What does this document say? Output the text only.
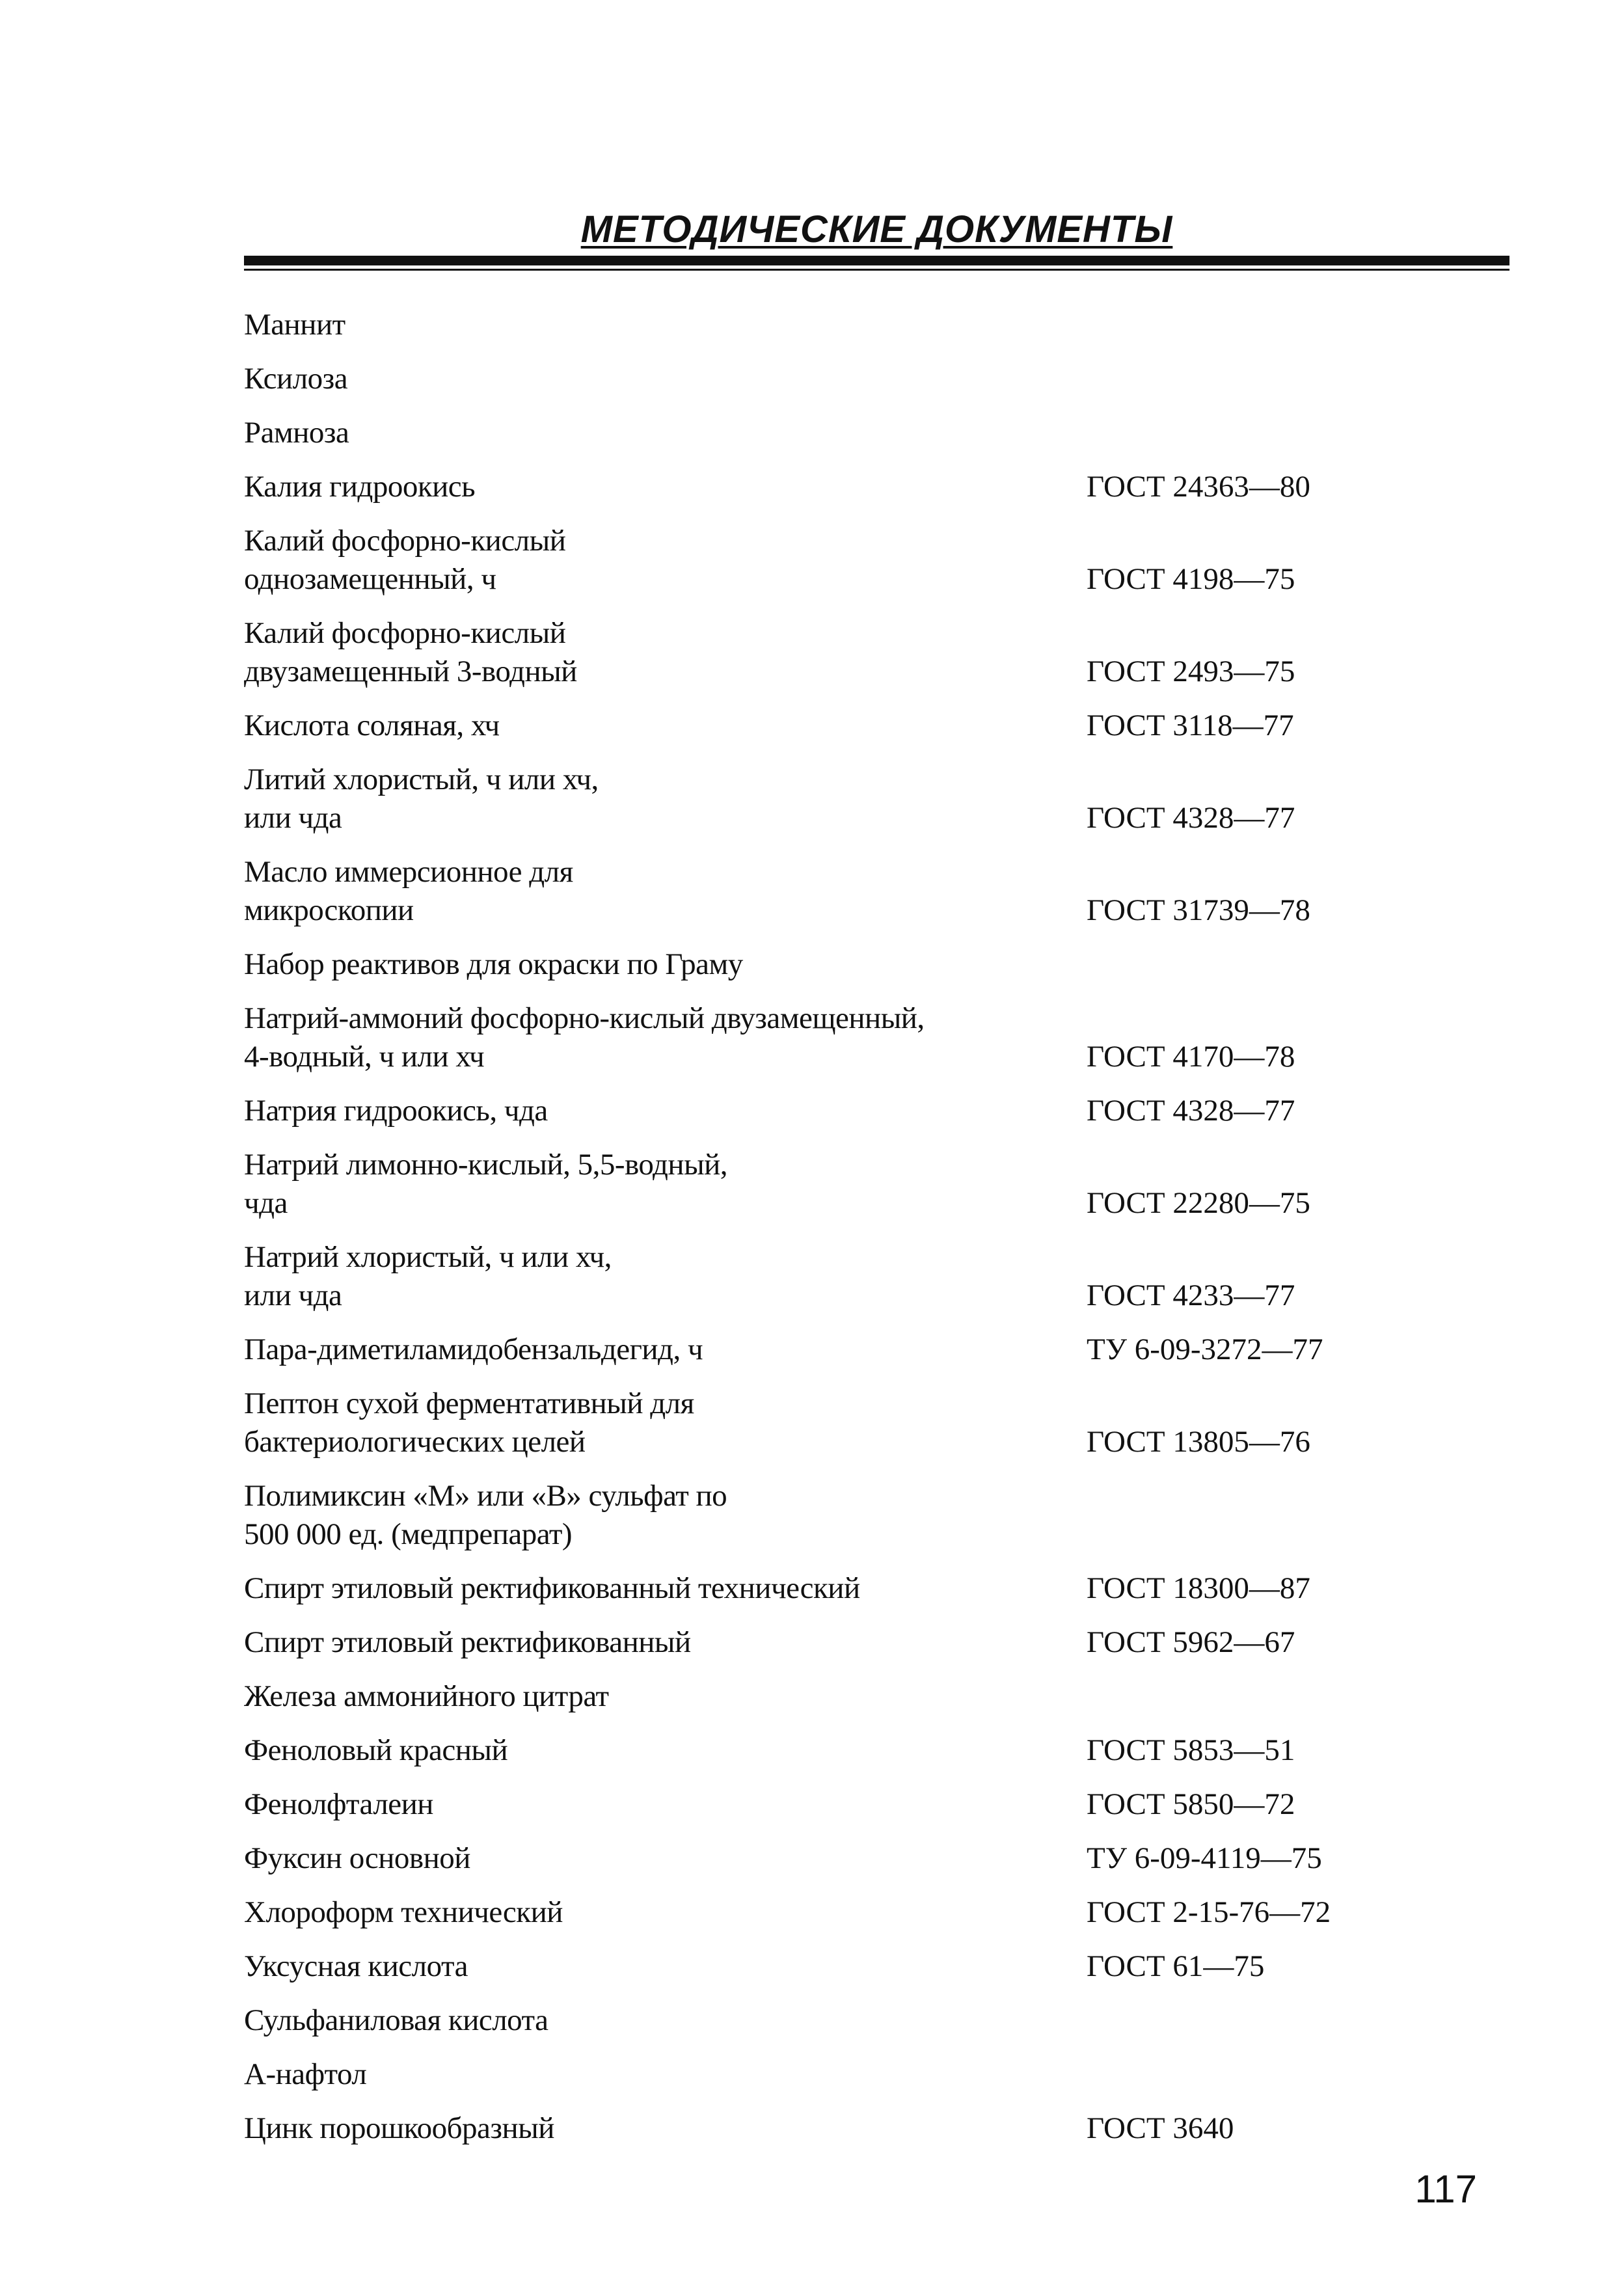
МЕТОДИЧЕСКИЕ ДОКУМЕНТЫ
Маннит
Ксилоза
Рамноза
Калия гидроокись	ГОСТ 24363—80
Калий фосфорно-кислый
однозамещенный, ч	ГОСТ 4198—75
Калий фосфорно-кислый
двузамещенный 3-водный	ГОСТ 2493—75
Кислота соляная, хч	ГОСТ 3118—77
Литий хлористый, ч или хч,
или чда	ГОСТ 4328—77
Масло иммерсионное для
микроскопии	ГОСТ 31739—78
Набор реактивов для окраски по Граму
Натрий-аммоний фосфорно-кислый двузамещенный,
4-водный, ч или хч	ГОСТ 4170—78
Натрия гидроокись, чда	ГОСТ 4328—77
Натрий лимонно-кислый, 5,5-водный,
чда	ГОСТ 22280—75
Натрий хлористый, ч или хч,
или чда	ГОСТ 4233—77
Пара-диметиламидобензальдегид, ч	ТУ 6-09-3272—77
Пептон сухой ферментативный для
бактериологических целей	ГОСТ 13805—76
Полимиксин «М» или «В» сульфат по
500 000 ед. (медпрепарат)
Спирт этиловый ректификованный технический	ГОСТ 18300—87
Спирт этиловый ректификованный	ГОСТ 5962—67
Железа аммонийного цитрат
Феноловый красный	ГОСТ 5853—51
Фенолфталеин	ГОСТ 5850—72
Фуксин основной	ТУ 6-09-4119—75
Хлороформ технический	ГОСТ 2-15-76—72
Уксусная кислота	ГОСТ 61—75
Сульфаниловая кислота
А-нафтол
Цинк порошкообразный	ГОСТ 3640
117
